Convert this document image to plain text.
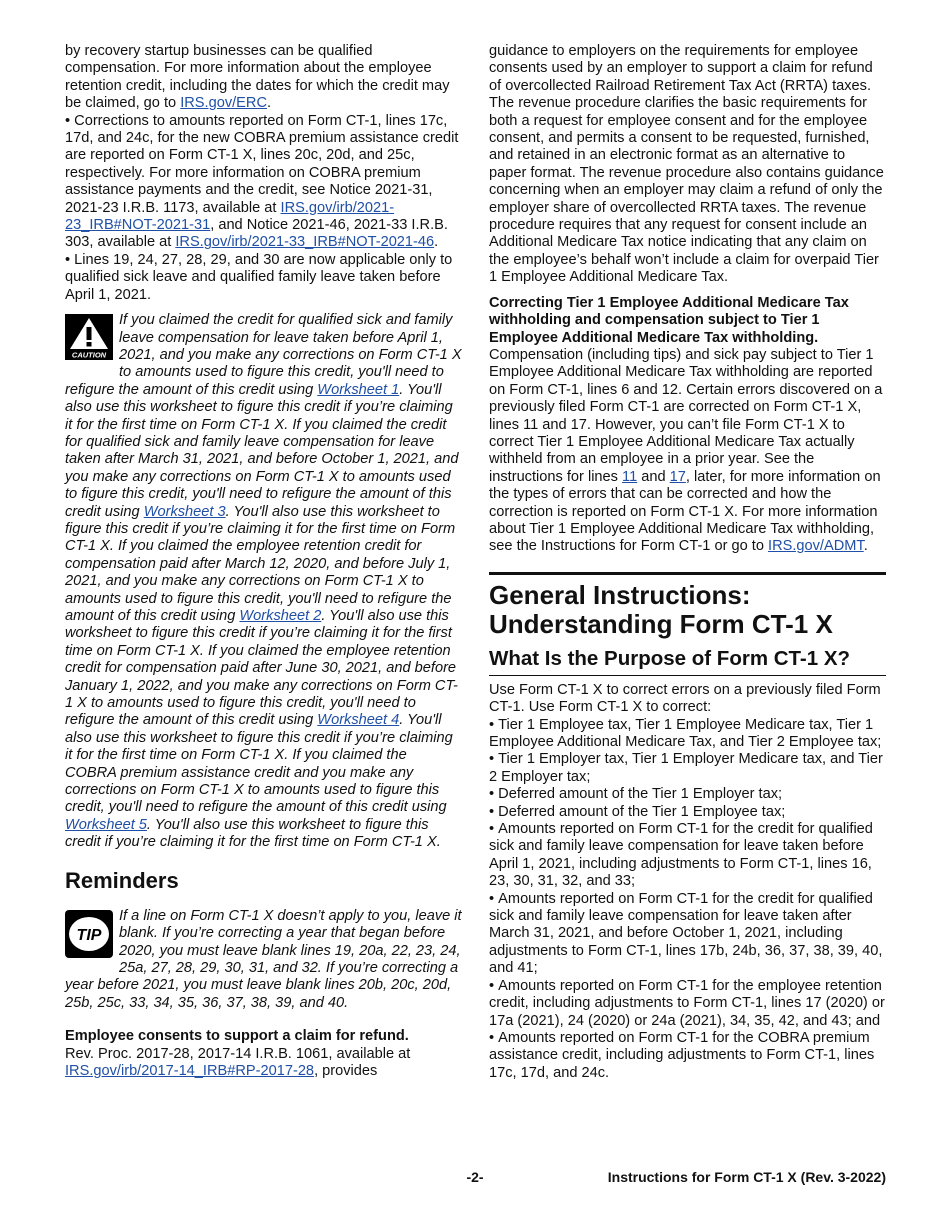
by recovery startup businesses can be qualified compensation. For more information about the employee retention credit, including the dates for which the credit may be claimed, go to IRS.gov/ERC.

• Corrections to amounts reported on Form CT-1, lines 17c, 17d, and 24c, for the new COBRA premium assistance credit are reported on Form CT-1 X, lines 20c, 20d, and 25c, respectively. For more information on COBRA premium assistance payments and the credit, see Notice 2021-31, 2021-23 I.R.B. 1173, available at IRS.gov/irb/2021-23_IRB#NOT-2021-31, and Notice 2021-46, 2021-33 I.R.B. 303, available at IRS.gov/irb/2021-33_IRB#NOT-2021-46.

• Lines 19, 24, 27, 28, 29, and 30 are now applicable only to qualified sick leave and qualified family leave taken before April 1, 2021.

CAUTION
If you claimed the credit for qualified sick and family leave compensation for leave taken before April 1, 2021, and you make any corrections on Form CT-1 X to amounts used to figure this credit, you'll need to refigure the amount of this credit using Worksheet 1. You'll also use this worksheet to figure this credit if you’re claiming it for the first time on Form CT-1 X. If you claimed the credit for qualified sick and family leave compensation for leave taken after March 31, 2021, and before October 1, 2021, and you make any corrections on Form CT-1 X to amounts used to figure this credit, you'll need to refigure the amount of this credit using Worksheet 3. You'll also use this worksheet to figure this credit if you’re claiming it for the first time on Form CT-1 X. If you claimed the employee retention credit for compensation paid after March 12, 2020, and before July 1, 2021, and you make any corrections on Form CT-1 X to amounts used to figure this credit, you'll need to refigure the amount of this credit using Worksheet 2. You'll also use this worksheet to figure this credit if you’re claiming it for the first time on Form CT-1 X. If you claimed the employee retention credit for compensation paid after June 30, 2021, and before January 1, 2022, and you make any corrections on Form CT-1 X to amounts used to figure this credit, you'll need to refigure the amount of this credit using Worksheet 4. You'll also use this worksheet to figure this credit if you’re claiming it for the first time on Form CT-1 X. If you claimed the COBRA premium assistance credit and you make any corrections on Form CT-1 X to amounts used to figure this credit, you'll need to refigure the amount of this credit using Worksheet 5. You'll also use this worksheet to figure this credit if you’re claiming it for the first time on Form CT-1 X.
Reminders
TIP
If a line on Form CT-1 X doesn’t apply to you, leave it blank. If you’re correcting a year that began before 2020, you must leave blank lines 19, 20a, 22, 23, 24, 25a, 27, 28, 29, 30, 31, and 32. If you’re correcting a year before 2021, you must leave blank lines 20b, 20c, 20d, 25b, 25c, 33, 34, 35, 36, 37, 38, 39, and 40.

Employee consents to support a claim for refund.
Rev. Proc. 2017-28, 2017-14 I.R.B. 1061, available at IRS.gov/irb/2017-14_IRB#RP-2017-28, provides

guidance to employers on the requirements for employee consents used by an employer to support a claim for refund of overcollected Railroad Retirement Tax Act (RRTA) taxes. The revenue procedure clarifies the basic requirements for both a request for employee consent and for the employee consent, and permits a consent to be requested, furnished, and retained in an electronic format as an alternative to paper format. The revenue procedure also contains guidance concerning when an employer may claim a refund of only the employer share of overcollected RRTA taxes. The revenue procedure requires that any request for consent include an Additional Medicare Tax notice indicating that any claim on the employee’s behalf won’t include a claim for overpaid Tier 1 Employee Additional Medicare Tax.

Correcting Tier 1 Employee Additional Medicare Tax withholding and compensation subject to Tier 1 Employee Additional Medicare Tax withholding.
Compensation (including tips) and sick pay subject to Tier 1 Employee Additional Medicare Tax withholding are reported on Form CT-1, lines 6 and 12. Certain errors discovered on a previously filed Form CT-1 are corrected on Form CT-1 X, lines 11 and 17. However, you can’t file Form CT-1 X to correct Tier 1 Employee Additional Medicare Tax actually withheld from an employee in a prior year. See the instructions for lines 11 and 17, later, for more information on the types of errors that can be corrected and how the correction is reported on Form CT-1 X. For more information about Tier 1 Employee Additional Medicare Tax withholding, see the Instructions for Form CT-1 or go to IRS.gov/ADMT.

General Instructions: Understanding Form CT-1 X
What Is the Purpose of Form CT-1 X?

Use Form CT-1 X to correct errors on a previously filed Form CT-1. Use Form CT-1 X to correct:

• Tier 1 Employee tax, Tier 1 Employee Medicare tax, Tier 1 Employee Additional Medicare Tax, and Tier 2 Employee tax;

• Tier 1 Employer tax, Tier 1 Employer Medicare tax, and Tier 2 Employer tax;

• Deferred amount of the Tier 1 Employer tax;

• Deferred amount of the Tier 1 Employee tax;

• Amounts reported on Form CT-1 for the credit for qualified sick and family leave compensation for leave taken before April 1, 2021, including adjustments to Form CT-1, lines 16, 23, 30, 31, 32, and 33;

• Amounts reported on Form CT-1 for the credit for qualified sick and family leave compensation for leave taken after March 31, 2021, and before October 1, 2021, including adjustments to Form CT-1, lines 17b, 24b, 36, 37, 38, 39, 40, and 41;

• Amounts reported on Form CT-1 for the employee retention credit, including adjustments to Form CT-1, lines 17 (2020) or 17a (2021), 24 (2020) or 24a (2021), 34, 35, 42, and 43; and

• Amounts reported on Form CT-1 for the COBRA premium assistance credit, including adjustments to Form CT-1, lines 17c, 17d, and 24c.

-2-	Instructions for Form CT-1 X (Rev. 3-2022)
